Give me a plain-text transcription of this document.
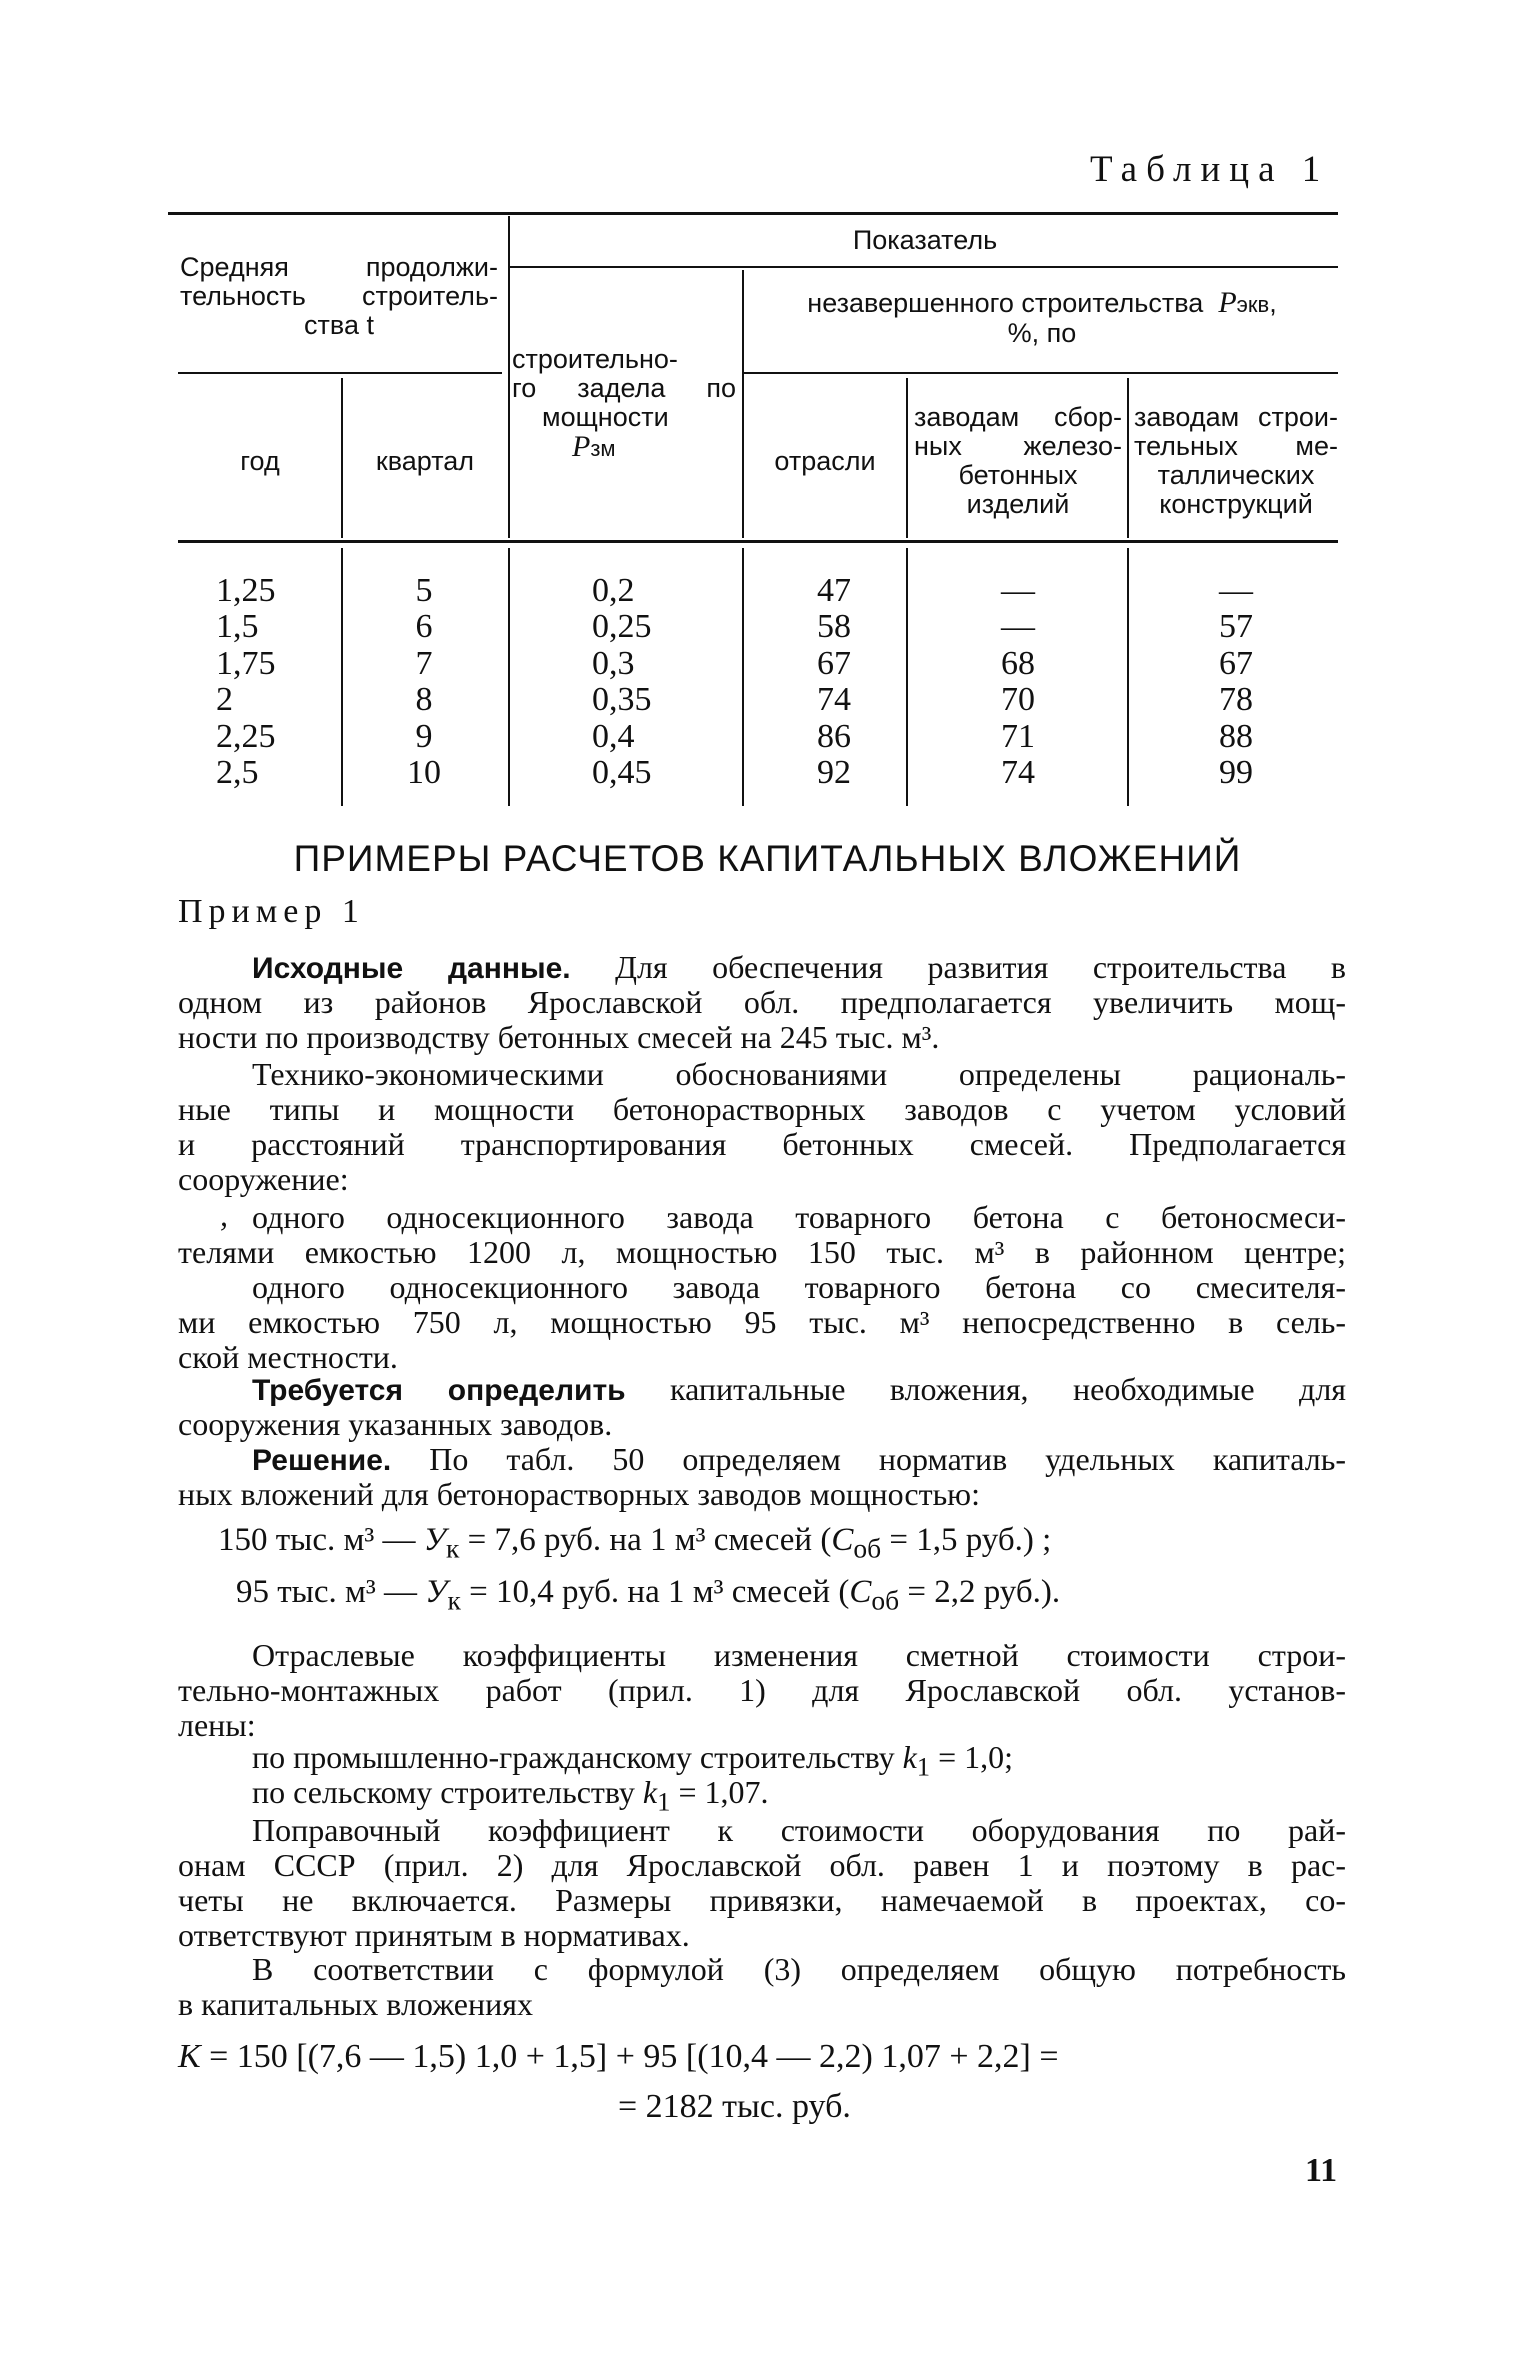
Таблица 1
Средняя продолжи-
тельность строитель-
ства t
год	квартал
Показатель
строительно-
го задела по
мощности
Pзм
незавершенного строительства Pэкв,
%, по
отрасли
заводам сбор-
ных железо-
бетонных
изделий
заводам строи-
тельных ме-
таллических
конструкций
1,25
1,5
1,75
2
2,25
2,5
5
6
7
8
9
10
0,2
0,25
0,3
0,35
0,4
0,45
47
58
67
74
86
92
—
—
68
70
71
74
—
57
67
78
88
99
ПРИМЕРЫ РАСЧЕТОВ КАПИТАЛЬНЫХ ВЛОЖЕНИЙ
Пример 1
Исходные данные. Для обеспечения развития строительства в
одном из районов Ярославской обл. предполагается увеличить мощ-
ности по производству бетонных смесей на 245 тыс. м³.
Технико-экономическими обоснованиями определены рациональ-
ные типы и мощности бетонорастворных заводов с учетом условий
и расстояний транспортирования бетонных смесей. Предполагается
сооружение:
, одного односекционного завода товарного бетона с бетоносмеси-
телями емкостью 1200 л, мощностью 150 тыс. м³ в районном центре;
одного односекционного завода товарного бетона со смесителя-
ми емкостью 750 л, мощностью 95 тыс. м³ непосредственно в сель-
ской местности.
Требуется определить капитальные вложения, необходимые для
сооружения указанных заводов.
Решение. По табл. 50 определяем норматив удельных капиталь-
ных вложений для бетонорастворных заводов мощностью:
150 тыс. м³ — $У_к = 7,6$ руб. на 1 м³ смесей ($С_{об} = 1,5$ руб.) ;
95 тыс. м³ — $У_к = 10,4$ руб. на 1 м³ смесей ($С_{об} = 2,2$ руб.).
Отраслевые коэффициенты изменения сметной стоимости строи-
тельно-монтажных работ (прил. 1) для Ярославской обл. установ-
лены:
по промышленно-гражданскому строительству $k_1 = 1,0$;
по сельскому строительству $k_1 = 1,07$.
Поправочный коэффициент к стоимости оборудования по рай-
онам СССР (прил. 2) для Ярославской обл. равен 1 и поэтому в рас-
четы не включается. Размеры привязки, намечаемой в проектах, со-
ответствуют принятым в нормативах.
В соответствии с формулой (3) определяем общую потребность
в капитальных вложениях
К = 150 [(7,6 — 1,5) 1,0 + 1,5] + 95 [(10,4 — 2,2) 1,07 + 2,2] =
= 2182 тыс. руб.
11
